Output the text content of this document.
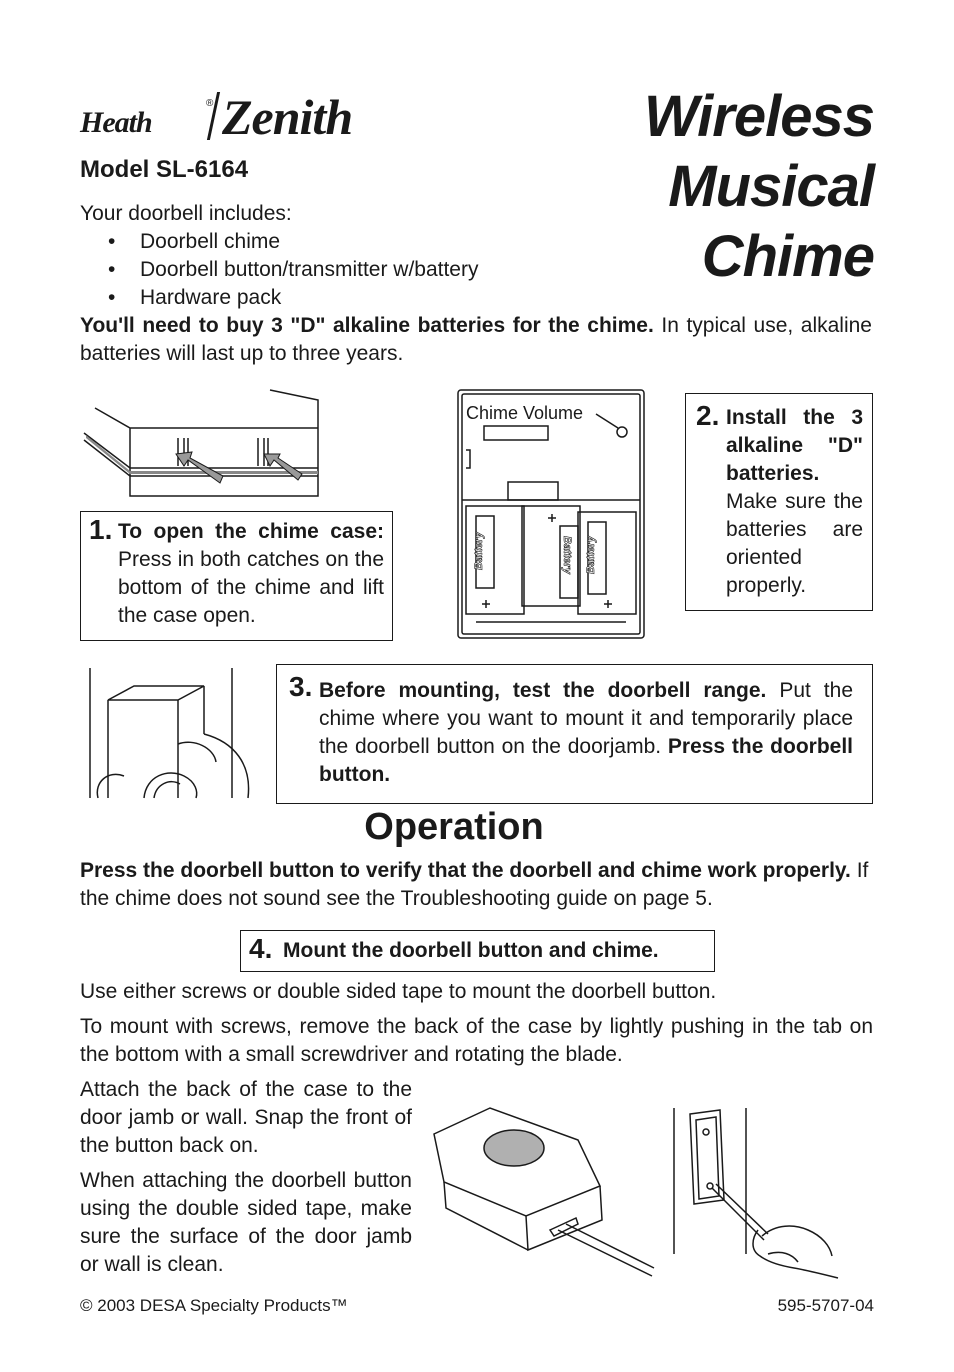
Heath
® Zenith	Wireless
Musical
Chime
Model SL-6164
Your doorbell includes:
• Doorbell chime
• Doorbell button/transmitter w/battery
• Hardware pack
You'll need to buy 3 "D" alkaline batteries for the chime. In typical use, alkaline batteries will last up to three years.
1. To open the chime case: Press in both catches on the bottom of the chime and lift the case open.
Chime Volume
Battery	Battery Battery
2. Install the 3 alkaline "D" batteries. Make sure the batteries are oriented properly.
3. Before mounting, test the doorbell range. Put the chime where you want to mount it and temporarily place the doorbell button on the doorjamb. Press the doorbell button.
Operation
Press the doorbell button to verify that the doorbell and chime work properly. If the chime does not sound see the Troubleshooting guide on page 5.
4. Mount the doorbell button and chime.
Use either screws or double sided tape to mount the doorbell button.
To mount with screws, remove the back of the case by lightly pushing in the tab on the bottom with a small screwdriver and rotating the blade.
Attach the back of the case to the door jamb or wall. Snap the front of the button back on.
When attaching the doorbell button using the double sided tape, make sure the surface of the door jamb or wall is clean.
© 2003 DESA Specialty Products™	595-5707-04
